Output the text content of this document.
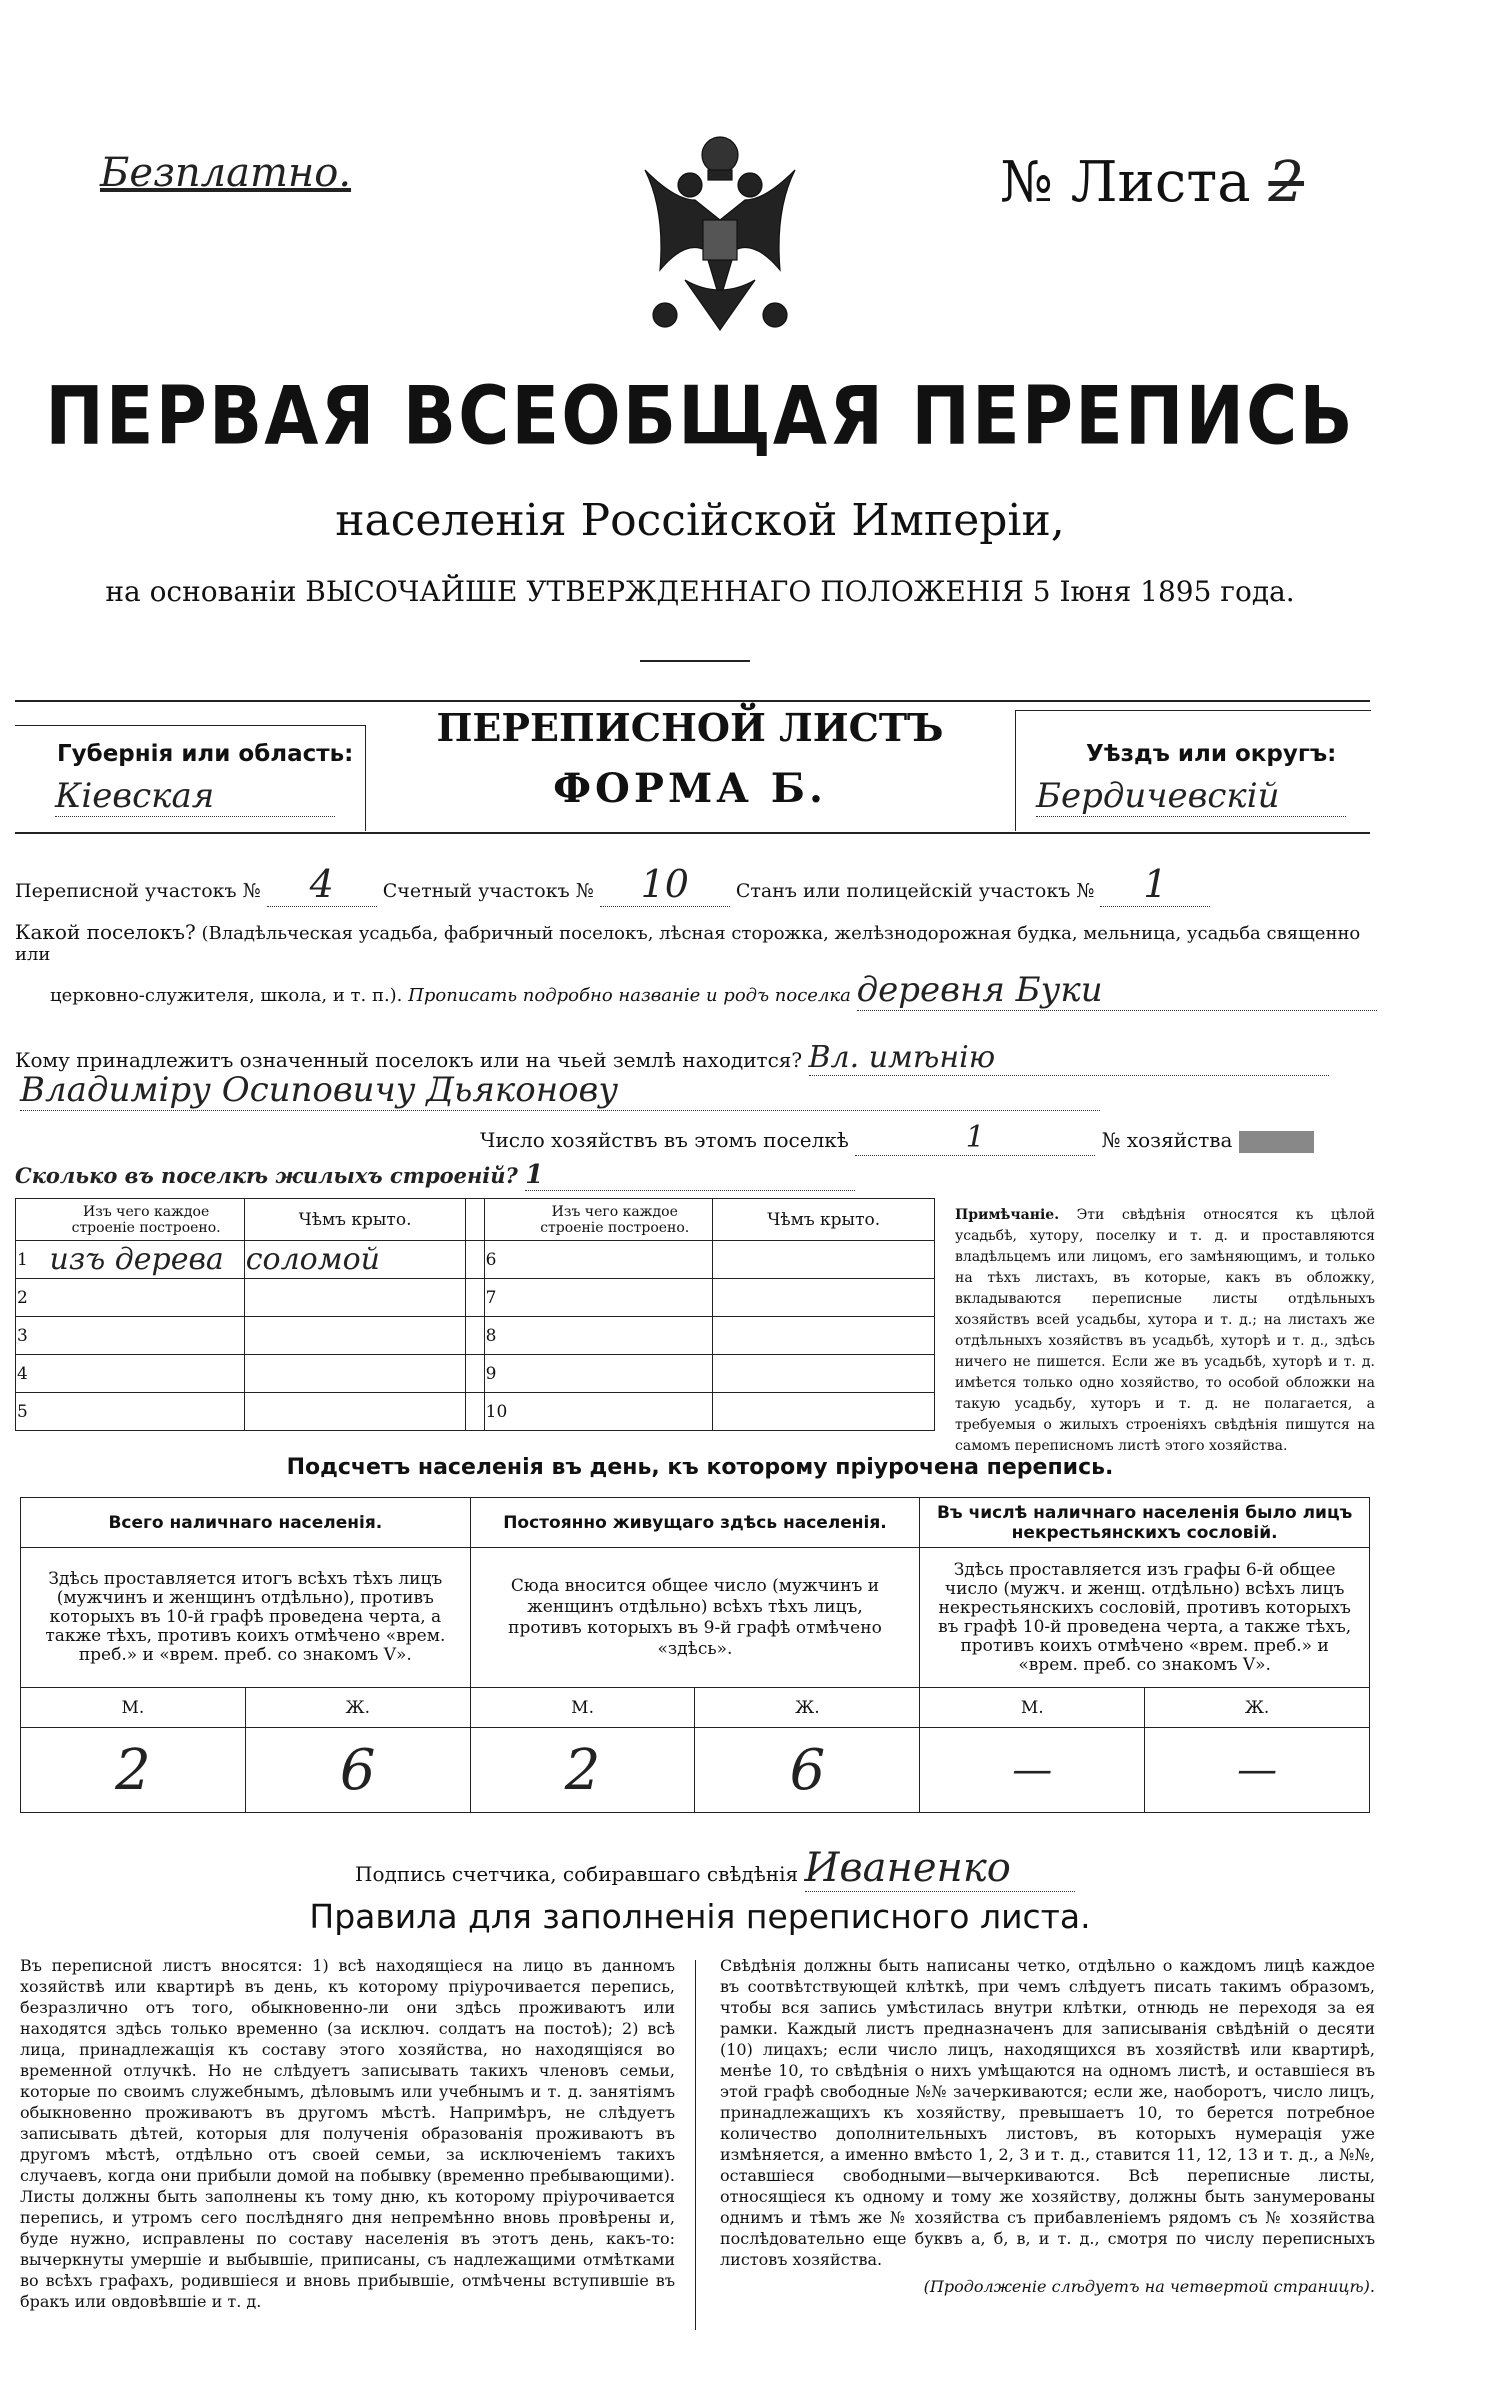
Безплатно.	№ Листа 2
ПЕРВАЯ ВСЕОБЩАЯ ПЕРЕПИСЬ
населенія Россійской Имперіи,
на основаніи ВЫСОЧАЙШЕ УТВЕРЖДЕННАГО ПОЛОЖЕНІЯ 5 Іюня 1895 года.
Губернія или область:
Кіевская
ПЕРЕПИСНОЙ ЛИСТЪ
ФОРМА Б.
Уѣздъ или округъ:
Бердичевскій
Переписной участокъ № 4	Счетный участокъ № 10 Станъ или полицейскій участокъ № 1
Какой поселокъ? (Владѣльческая усадьба, фабричный поселокъ, лѣсная сторожка, желѣзнодорожная будка, мельница, усадьба священно или
церковно-служителя, школа, и т. п.). Прописать подробно названіе и родъ поселка деревня Буки
Кому принадлежитъ означенный поселокъ или на чьей землѣ находится? Вл. имѣнію
Владиміру Осиповичу Дьяконову
Число хозяйствъ въ этомъ поселкѣ	1	№ хозяйства
Сколько въ поселкѣ жилыхъ строеній? 1
	Изъ чего каждое строеніе построено.	Чѣмъ крыто.			Изъ чего каждое строеніе построено.	Чѣмъ крыто.
1	изъ дерева	соломой		6		
2				7		
3				8		
4				9		
5				10		
Примѣчаніе. Эти свѣдѣнія относятся къ цѣлой усадьбѣ, хутору, поселку и т. д. и проставляются владѣльцемъ или лицомъ, его замѣняющимъ, и только на тѣхъ листахъ, въ которые, какъ въ обложку, вкладываются переписные листы отдѣльныхъ хозяйствъ всей усадьбы, хутора и т. д.; на листахъ же отдѣльныхъ хозяйствъ въ усадьбѣ, хуторѣ и т. д., здѣсь ничего не пишется. Если же въ усадьбѣ, хуторѣ и т. д. имѣется только одно хозяйство, то особой обложки на такую усадьбу, хуторъ и т. д. не полагается, а требуемыя о жилыхъ строеніяхъ свѣдѣнія пишутся на самомъ переписномъ листѣ этого хозяйства.
Подсчетъ населенія въ день, къ которому пріурочена перепись.
Всего наличнаго населенія.		Постоянно живущаго здѣсь населенія.		Въ числѣ наличнаго населенія было лицъ некрестьянскихъ сословій.	
Здѣсь проставляется итогъ всѣхъ тѣхъ лицъ (мужчинъ и женщинъ отдѣльно), противъ которыхъ въ 10-й графѣ проведена черта, а также тѣхъ, противъ коихъ отмѣчено «врем. преб.» и «врем. преб. со знакомъ V».		Сюда вносится общее число (мужчинъ и женщинъ отдѣльно) всѣхъ тѣхъ лицъ, противъ которыхъ въ 9-й графѣ отмѣчено «здѣсь».		Здѣсь проставляется изъ графы 6-й общее число (мужч. и женщ. отдѣльно) всѣхъ лицъ некрестьянскихъ сословій, противъ которыхъ въ графѣ 10-й проведена черта, а также тѣхъ, противъ коихъ отмѣчено «врем. преб.» и «врем. преб. со знакомъ V».	
М.	Ж.	М.	Ж.	М.	Ж.
2	6	2	6	—	—
Подпись счетчика, собиравшаго свѣдѣнія Иваненко
Правила для заполненія переписного листа.
Въ переписной листъ вносятся: 1) всѣ находящіеся на лицо въ данномъ хозяйствѣ или квартирѣ въ день, къ которому пріурочивается перепись, безразлично отъ того, обыкновенно-ли они здѣсь проживаютъ или находятся здѣсь только временно (за исключ. солдатъ на постоѣ); 2) всѣ лица, принадлежащія къ составу этого хозяйства, но находящіяся во временной отлучкѣ. Но не слѣдуетъ записывать такихъ членовъ семьи, которые по своимъ служебнымъ, дѣловымъ или учебнымъ и т. д. занятіямъ обыкновенно проживаютъ въ другомъ мѣстѣ. Напримѣръ, не слѣдуетъ записывать дѣтей, которыя для полученія образованія проживаютъ въ другомъ мѣстѣ, отдѣльно отъ своей семьи, за исключеніемъ такихъ случаевъ, когда они прибыли домой на побывку (временно пребывающими). Листы должны быть заполнены къ тому дню, къ которому пріурочивается перепись, и утромъ сего послѣдняго дня непремѣнно вновь провѣрены и, буде нужно, исправлены по составу населенія въ этотъ день, какъ-то: вычеркнуты умершіе и выбывшіе, приписаны, съ надлежащими отмѣтками во всѣхъ графахъ, родившіеся и вновь прибывшіе, отмѣчены вступившіе въ бракъ или овдовѣвшіе и т. д.
Свѣдѣнія должны быть написаны четко, отдѣльно о каждомъ лицѣ каждое въ соотвѣтствующей клѣткѣ, при чемъ слѣдуетъ писать такимъ образомъ, чтобы вся запись умѣстилась внутри клѣтки, отнюдь не переходя за ея рамки. Каждый листъ предназначенъ для записыванія свѣдѣній о десяти (10) лицахъ; если число лицъ, находящихся въ хозяйствѣ или квартирѣ, менѣе 10, то свѣдѣнія о нихъ умѣщаются на одномъ листѣ, и оставшіеся въ этой графѣ свободные №№ зачеркиваются; если же, наоборотъ, число лицъ, принадлежащихъ къ хозяйству, превышаетъ 10, то берется потребное количество дополнительныхъ листовъ, въ которыхъ нумерація уже измѣняется, а именно вмѣсто 1, 2, 3 и т. д., ставится 11, 12, 13 и т. д., а №№, оставшіеся свободными—вычеркиваются. Всѣ переписные листы, относящіеся къ одному и тому же хозяйству, должны быть занумерованы однимъ и тѣмъ же № хозяйства съ прибавленіемъ рядомъ съ № хозяйства послѣдовательно еще буквъ а, б, в, и т. д., смотря по числу переписныхъ листовъ хозяйства.
(Продолженіе слѣдуетъ на четвертой страницѣ).
